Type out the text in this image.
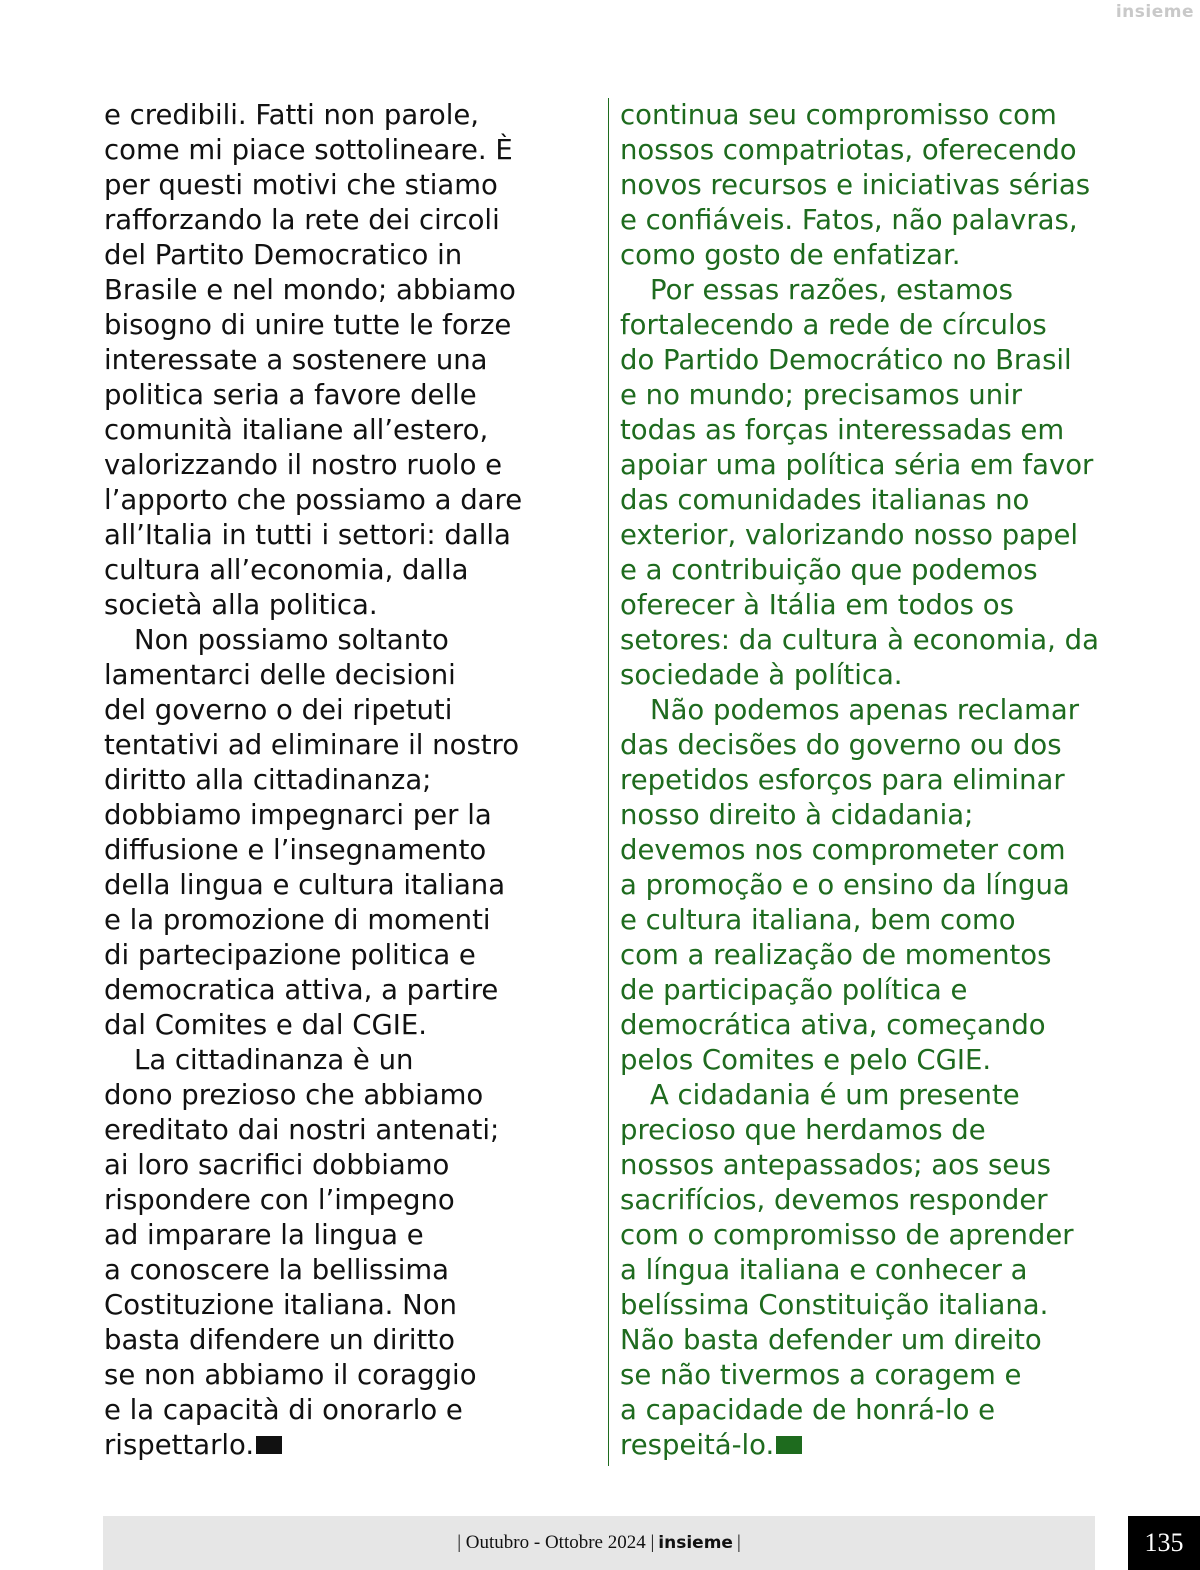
insieme

e credibili. Fatti non parole,
come mi piace sottolineare. È
per questi motivi che stiamo
rafforzando la rete dei circoli
del Partito Democratico in
Brasile e nel mondo; abbiamo
bisogno di unire tutte le forze
interessate a sostenere una
politica seria a favore delle
comunità italiane all’estero,
valorizzando il nostro ruolo e
l’apporto che possiamo a dare
all’Italia in tutti i settori: dalla
cultura all’economia, dalla
società alla politica.

Non possiamo soltanto
lamentarci delle decisioni
del governo o dei ripetuti
tentativi ad eliminare il nostro
diritto alla cittadinanza;
dobbiamo impegnarci per la
diffusione e l’insegnamento
della lingua e cultura italiana
e la promozione di momenti
di partecipazione politica e
democratica attiva, a partire
dal Comites e dal CGIE.

La cittadinanza è un
dono prezioso che abbiamo
ereditato dai nostri antenati;
ai loro sacrifici dobbiamo
rispondere con l’impegno
ad imparare la lingua e
a conoscere la bellissima
Costituzione italiana. Non
basta difendere un diritto
se non abbiamo il coraggio
e la capacità di onorarlo e
rispettarlo.

continua seu compromisso com
nossos compatriotas, oferecendo
novos recursos e iniciativas sérias
e confiáveis. Fatos, não palavras,
como gosto de enfatizar.

Por essas razões, estamos
fortalecendo a rede de círculos
do Partido Democrático no Brasil
e no mundo; precisamos unir
todas as forças interessadas em
apoiar uma política séria em favor
das comunidades italianas no
exterior, valorizando nosso papel
e a contribuição que podemos
oferecer à Itália em todos os
setores: da cultura à economia, da
sociedade à política.

Não podemos apenas reclamar
das decisões do governo ou dos
repetidos esforços para eliminar
nosso direito à cidadania;
devemos nos comprometer com
a promoção e o ensino da língua
e cultura italiana, bem como
com a realização de momentos
de participação política e
democrática ativa, começando
pelos Comites e pelo CGIE.

A cidadania é um presente
precioso que herdamos de
nossos antepassados; aos seus
sacrifícios, devemos responder
com o compromisso de aprender
a língua italiana e conhecer a
belíssima Constituição italiana.
Não basta defender um direito
se não tivermos a coragem e
a capacidade de honrá-lo e
respeitá-lo.

| Outubro - Ottobre 2024 | insieme |	135
